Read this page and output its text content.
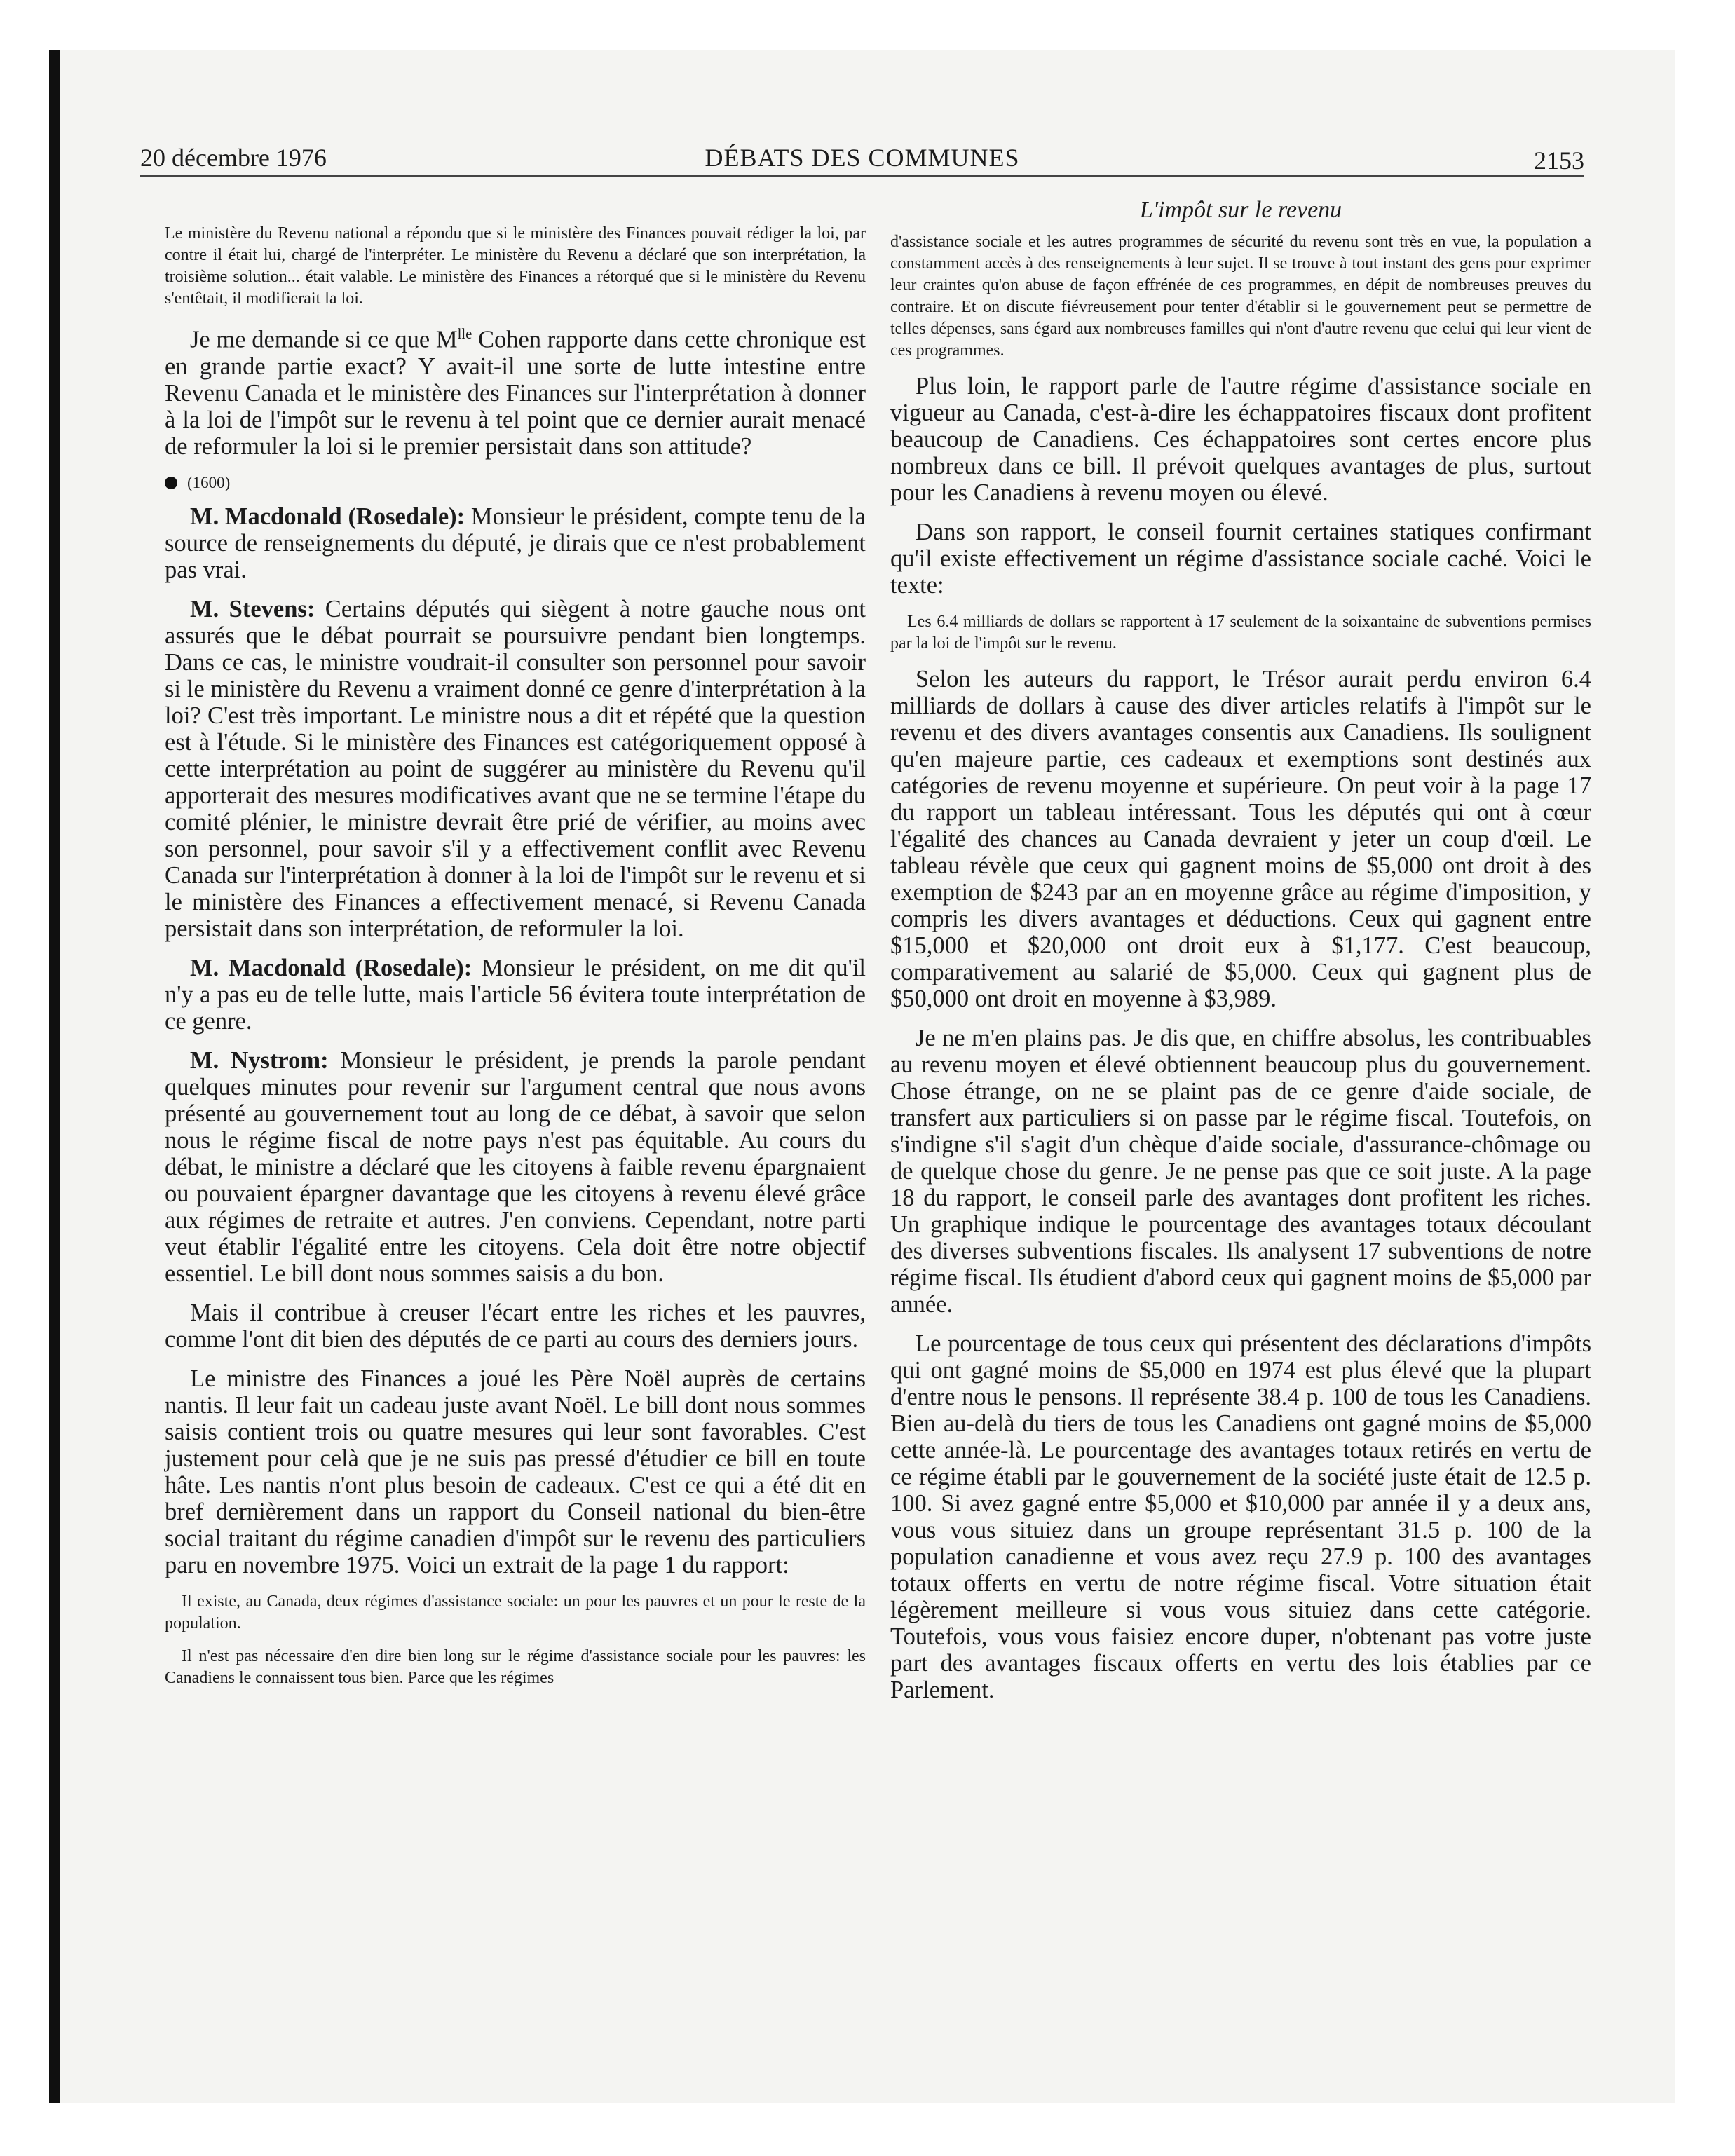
20 décembre 1976	DÉBATS DES COMMUNES	2153

Le ministère du Revenu national a répondu que si le ministère des Finances pouvait rédiger la loi, par contre il était lui, chargé de l'interpréter. Le ministère du Revenu a déclaré que son interprétation, la troisième solution... était valable. Le ministère des Finances a rétorqué que si le ministère du Revenu s'entêtait, il modifierait la loi.

Je me demande si ce que $M^{lle}$ Cohen rapporte dans cette chronique est en grande partie exact? Y avait-il une sorte de lutte intestine entre Revenu Canada et le ministère des Finances sur l'interprétation à donner à la loi de l'impôt sur le revenu à tel point que ce dernier aurait menacé de reformuler la loi si le premier persistait dans son attitude?

(1600)

M. Macdonald (Rosedale): Monsieur le président, compte tenu de la source de renseignements du député, je dirais que ce n'est probablement pas vrai.

M. Stevens: Certains députés qui siègent à notre gauche nous ont assurés que le débat pourrait se poursuivre pendant bien longtemps. Dans ce cas, le ministre voudrait-il consulter son personnel pour savoir si le ministère du Revenu a vraiment donné ce genre d'interprétation à la loi? C'est très important. Le ministre nous a dit et répété que la question est à l'étude. Si le ministère des Finances est catégoriquement opposé à cette interprétation au point de suggérer au ministère du Revenu qu'il apporterait des mesures modificatives avant que ne se termine l'étape du comité plénier, le ministre devrait être prié de vérifier, au moins avec son personnel, pour savoir s'il y a effectivement conflit avec Revenu Canada sur l'interprétation à donner à la loi de l'impôt sur le revenu et si le ministère des Finances a effectivement menacé, si Revenu Canada persistait dans son interprétation, de reformuler la loi.

M. Macdonald (Rosedale): Monsieur le président, on me dit qu'il n'y a pas eu de telle lutte, mais l'article 56 évitera toute interprétation de ce genre.

M. Nystrom: Monsieur le président, je prends la parole pendant quelques minutes pour revenir sur l'argument central que nous avons présenté au gouvernement tout au long de ce débat, à savoir que selon nous le régime fiscal de notre pays n'est pas équitable. Au cours du débat, le ministre a déclaré que les citoyens à faible revenu épargnaient ou pouvaient épargner davantage que les citoyens à revenu élevé grâce aux régimes de retraite et autres. J'en conviens. Cependant, notre parti veut établir l'égalité entre les citoyens. Cela doit être notre objectif essentiel. Le bill dont nous sommes saisis a du bon.

Mais il contribue à creuser l'écart entre les riches et les pauvres, comme l'ont dit bien des députés de ce parti au cours des derniers jours.

Le ministre des Finances a joué les Père Noël auprès de certains nantis. Il leur fait un cadeau juste avant Noël. Le bill dont nous sommes saisis contient trois ou quatre mesures qui leur sont favorables. C'est justement pour celà que je ne suis pas pressé d'étudier ce bill en toute hâte. Les nantis n'ont plus besoin de cadeaux. C'est ce qui a été dit en bref dernièrement dans un rapport du Conseil national du bien-être social traitant du régime canadien d'impôt sur le revenu des particuliers paru en novembre 1975. Voici un extrait de la page 1 du rapport:

Il existe, au Canada, deux régimes d'assistance sociale: un pour les pauvres et un pour le reste de la population.

Il n'est pas nécessaire d'en dire bien long sur le régime d'assistance sociale pour les pauvres: les Canadiens le connaissent tous bien. Parce que les régimes

L'impôt sur le revenu

d'assistance sociale et les autres programmes de sécurité du revenu sont très en vue, la population a constamment accès à des renseignements à leur sujet. Il se trouve à tout instant des gens pour exprimer leur craintes qu'on abuse de façon effrénée de ces programmes, en dépit de nombreuses preuves du contraire. Et on discute fiévreusement pour tenter d'établir si le gouvernement peut se permettre de telles dépenses, sans égard aux nombreuses familles qui n'ont d'autre revenu que celui qui leur vient de ces programmes.

Plus loin, le rapport parle de l'autre régime d'assistance sociale en vigueur au Canada, c'est-à-dire les échappatoires fiscaux dont profitent beaucoup de Canadiens. Ces échappatoires sont certes encore plus nombreux dans ce bill. Il prévoit quelques avantages de plus, surtout pour les Canadiens à revenu moyen ou élevé.

Dans son rapport, le conseil fournit certaines statiques confirmant qu'il existe effectivement un régime d'assistance sociale caché. Voici le texte:

Les 6.4 milliards de dollars se rapportent à 17 seulement de la soixantaine de subventions permises par la loi de l'impôt sur le revenu.

Selon les auteurs du rapport, le Trésor aurait perdu environ 6.4 milliards de dollars à cause des diver articles relatifs à l'impôt sur le revenu et des divers avantages consentis aux Canadiens. Ils soulignent qu'en majeure partie, ces cadeaux et exemptions sont destinés aux catégories de revenu moyenne et supérieure. On peut voir à la page 17 du rapport un tableau intéressant. Tous les députés qui ont à cœur l'égalité des chances au Canada devraient y jeter un coup d'œil. Le tableau révèle que ceux qui gagnent moins de $5,000 ont droit à des exemption de $243 par an en moyenne grâce au régime d'imposition, y compris les divers avantages et déductions. Ceux qui gagnent entre $15,000 et $20,000 ont droit eux à $1,177. C'est beaucoup, comparativement au salarié de $5,000. Ceux qui gagnent plus de $50,000 ont droit en moyenne à $3,989.

Je ne m'en plains pas. Je dis que, en chiffre absolus, les contribuables au revenu moyen et élevé obtiennent beaucoup plus du gouvernement. Chose étrange, on ne se plaint pas de ce genre d'aide sociale, de transfert aux particuliers si on passe par le régime fiscal. Toutefois, on s'indigne s'il s'agit d'un chèque d'aide sociale, d'assurance-chômage ou de quelque chose du genre. Je ne pense pas que ce soit juste. A la page 18 du rapport, le conseil parle des avantages dont profitent les riches. Un graphique indique le pourcentage des avantages totaux découlant des diverses subventions fiscales. Ils analysent 17 subventions de notre régime fiscal. Ils étudient d'abord ceux qui gagnent moins de $5,000 par année.

Le pourcentage de tous ceux qui présentent des déclarations d'impôts qui ont gagné moins de $5,000 en 1974 est plus élevé que la plupart d'entre nous le pensons. Il représente 38.4 p. 100 de tous les Canadiens. Bien au-delà du tiers de tous les Canadiens ont gagné moins de $5,000 cette année-là. Le pourcentage des avantages totaux retirés en vertu de ce régime établi par le gouvernement de la société juste était de 12.5 p. 100. Si avez gagné entre $5,000 et $10,000 par année il y a deux ans, vous vous situiez dans un groupe représentant 31.5 p. 100 de la population canadienne et vous avez reçu 27.9 p. 100 des avantages totaux offerts en vertu de notre régime fiscal. Votre situation était légèrement meilleure si vous vous situiez dans cette catégorie. Toutefois, vous vous faisiez encore duper, n'obtenant pas votre juste part des avantages fiscaux offerts en vertu des lois établies par ce Parlement.
